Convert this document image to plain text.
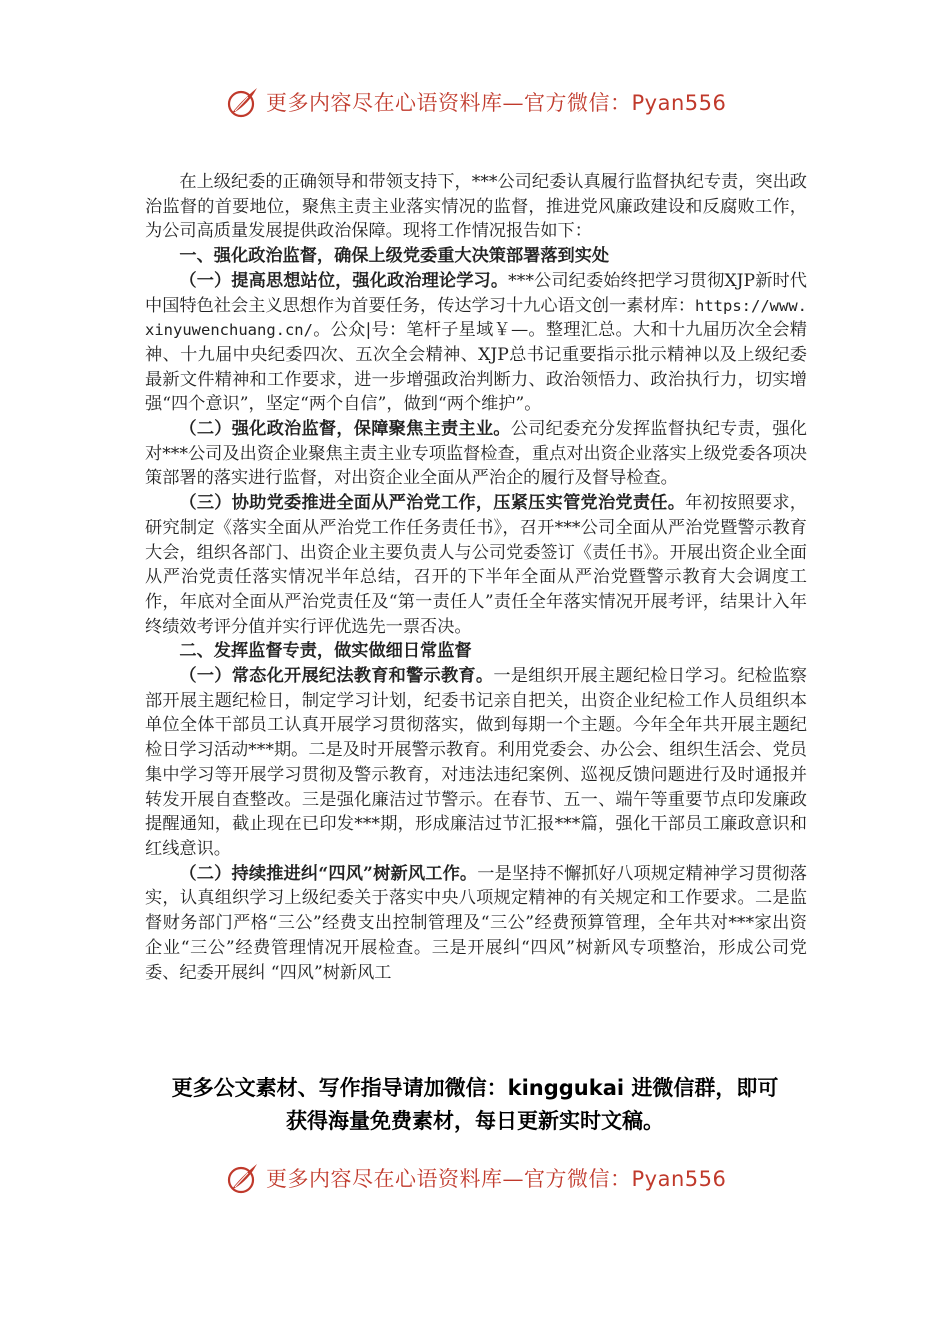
更多内容尽在心语资料库—官方微信：Pyan556

在上级纪委的正确领导和带领支持下，***公司纪委认真履行监督执纪专责，突出政治监督的首要地位，聚焦主责主业落实情况的监督，推进党风廉政建设和反腐败工作，为公司高质量发展提供政治保障。现将工作情况报告如下：

一、强化政治监督，确保上级党委重大决策部署落到实处

（一）提高思想站位，强化政治理论学习。***公司纪委始终把学习贯彻XJP新时代中国特色社会主义思想作为首要任务，传达学习十九心语文创一素材库：https://www.xinyuwenchuang.cn/。公众|号：笔杆子星域￥—。整理汇总。大和十九届历次全会精神、十九届中央纪委四次、五次全会精神、XJP总书记重要指示批示精神以及上级纪委最新文件精神和工作要求，进一步增强政治判断力、政治领悟力、政治执行力，切实增强“四个意识”，坚定“两个自信”，做到“两个维护”。

（二）强化政治监督，保障聚焦主责主业。公司纪委充分发挥监督执纪专责，强化对***公司及出资企业聚焦主责主业专项监督检查，重点对出资企业落实上级党委各项决策部署的落实进行监督，对出资企业全面从严治企的履行及督导检查。

（三）协助党委推进全面从严治党工作，压紧压实管党治党责任。年初按照要求，研究制定《落实全面从严治党工作任务责任书》，召开***公司全面从严治党暨警示教育大会，组织各部门、出资企业主要负责人与公司党委签订《责任书》。开展出资企业全面从严治党责任落实情况半年总结，召开的下半年全面从严治党暨警示教育大会调度工作，年底对全面从严治党责任及“第一责任人”责任全年落实情况开展考评，结果计入年终绩效考评分值并实行评优选先一票否决。

二、发挥监督专责，做实做细日常监督

（一）常态化开展纪法教育和警示教育。一是组织开展主题纪检日学习。纪检监察部开展主题纪检日，制定学习计划，纪委书记亲自把关，出资企业纪检工作人员组织本单位全体干部员工认真开展学习贯彻落实，做到每期一个主题。今年全年共开展主题纪检日学习活动***期。二是及时开展警示教育。利用党委会、办公会、组织生活会、党员集中学习等开展学习贯彻及警示教育，对违法违纪案例、巡视反馈问题进行及时通报并转发开展自查整改。三是强化廉洁过节警示。在春节、五一、端午等重要节点印发廉政提醒通知，截止现在已印发***期，形成廉洁过节汇报***篇，强化干部员工廉政意识和红线意识。

（二）持续推进纠“四风”树新风工作。一是坚持不懈抓好八项规定精神学习贯彻落实，认真组织学习上级纪委关于落实中央八项规定精神的有关规定和工作要求。二是监督财务部门严格“三公”经费支出控制管理及“三公”经费预算管理，全年共对***家出资企业“三公”经费管理情况开展检查。三是开展纠“四风”树新风专项整治，形成公司党委、纪委开展纠 “四风”树新风工

更多公文素材、写作指导请加微信：kinggukai 进微信群，即可
获得海量免费素材，每日更新实时文稿。
更多内容尽在心语资料库—官方微信：Pyan556
